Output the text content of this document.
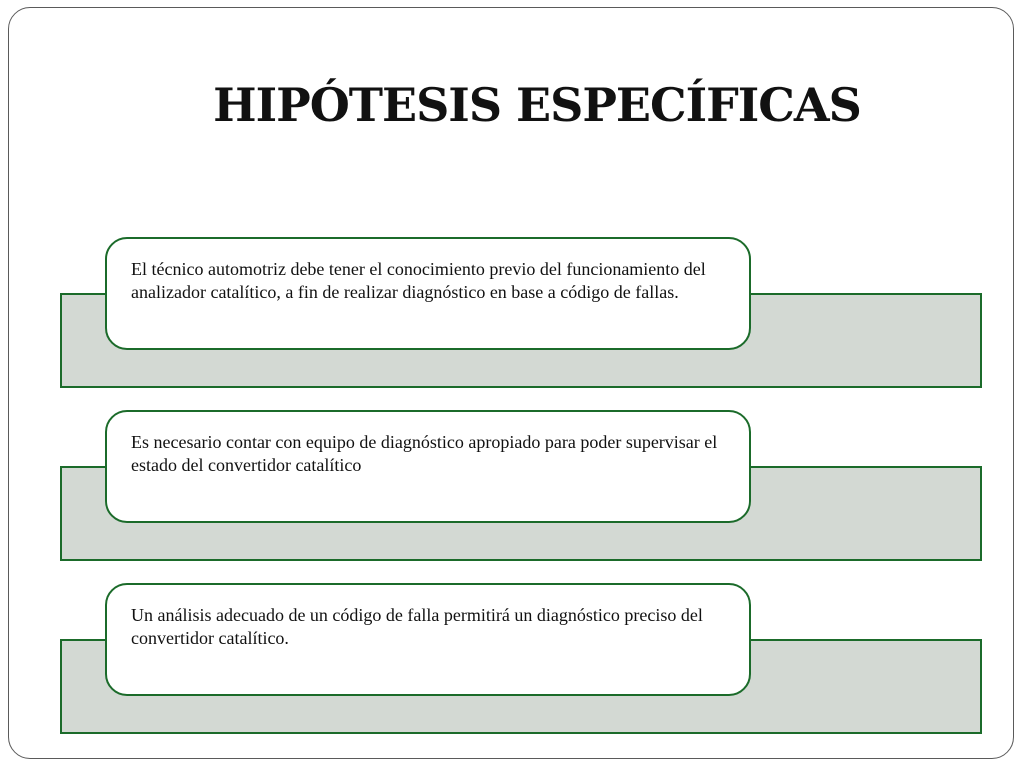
HIPÓTESIS ESPECÍFICAS

El técnico automotriz debe tener el conocimiento previo del funcionamiento del analizador catalítico, a fin de realizar diagnóstico en base a código de fallas.

Es necesario contar con equipo de diagnóstico apropiado para poder supervisar el estado del convertidor catalítico

Un análisis adecuado de un código de falla permitirá un diagnóstico preciso del convertidor catalítico.
